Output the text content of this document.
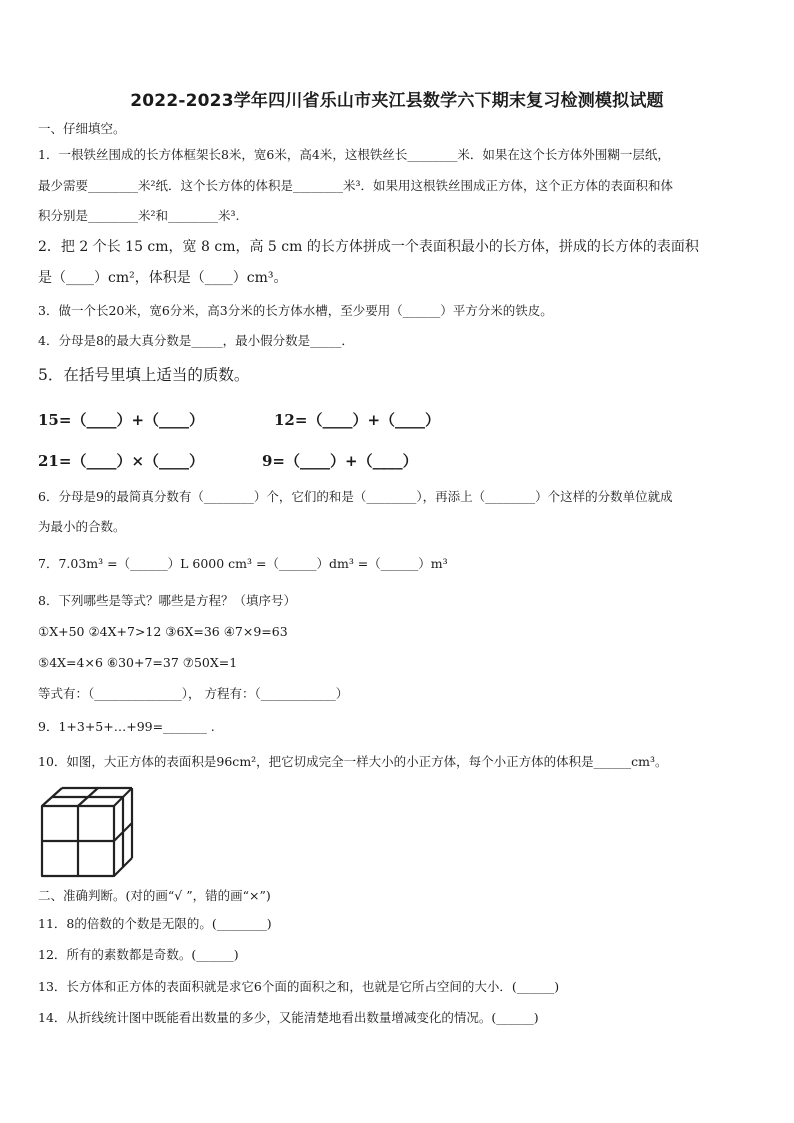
2022-2023学年四川省乐山市夹江县数学六下期末复习检测模拟试题
一、仔细填空。
1．一根铁丝围成的长方体框架长8米，宽6米，高4米，这根铁丝长________米．如果在这个长方体外围糊一层纸，
最少需要________米²纸．这个长方体的体积是________米³．如果用这根铁丝围成正方体，这个正方体的表面积和体
积分别是________米²和________米³.
2．把 2 个长 15 cm，宽 8 cm，高 5 cm 的长方体拼成一个表面积最小的长方体，拼成的长方体的表面积
是（____）cm²，体积是（____）cm³。
3．做一个长20米，宽6分米，高3分米的长方体水槽，至少要用（______）平方分米的铁皮。
4．分母是8的最大真分数是_____，最小假分数是_____．
5．在括号里填上适当的质数。
15=（____）+（____）	12=（____）+（____）
21=（____）×（____）	9=（____）+（____）
6．分母是9的最简真分数有（________）个，它们的和是（________），再添上（________）个这样的分数单位就成
为最小的合数。
7．7.03m³ =（______）L 6000 cm³ =（______）dm³ =（______）m³
8．下列哪些是等式？哪些是方程？（填序号）
①X+50 ②4X+7>12 ③6X=36 ④7×9=63
⑤4X=4×6 ⑥30+7=37 ⑦50X=1
等式有：（______________）， 方程有：（____________）
9．1+3+5+…+99=_______ .
10．如图，大正方体的表面积是96cm²，把它切成完全一样大小的小正方体，每个小正方体的体积是______cm³。
二、准确判断。(对的画“√ ”，错的画“×”)
11．8的倍数的个数是无限的。(________)
12．所有的素数都是奇数。(______)
13．长方体和正方体的表面积就是求它6个面的面积之和，也就是它所占空间的大小．(______)
14．从折线统计图中既能看出数量的多少，又能清楚地看出数量增减变化的情况。(______)
